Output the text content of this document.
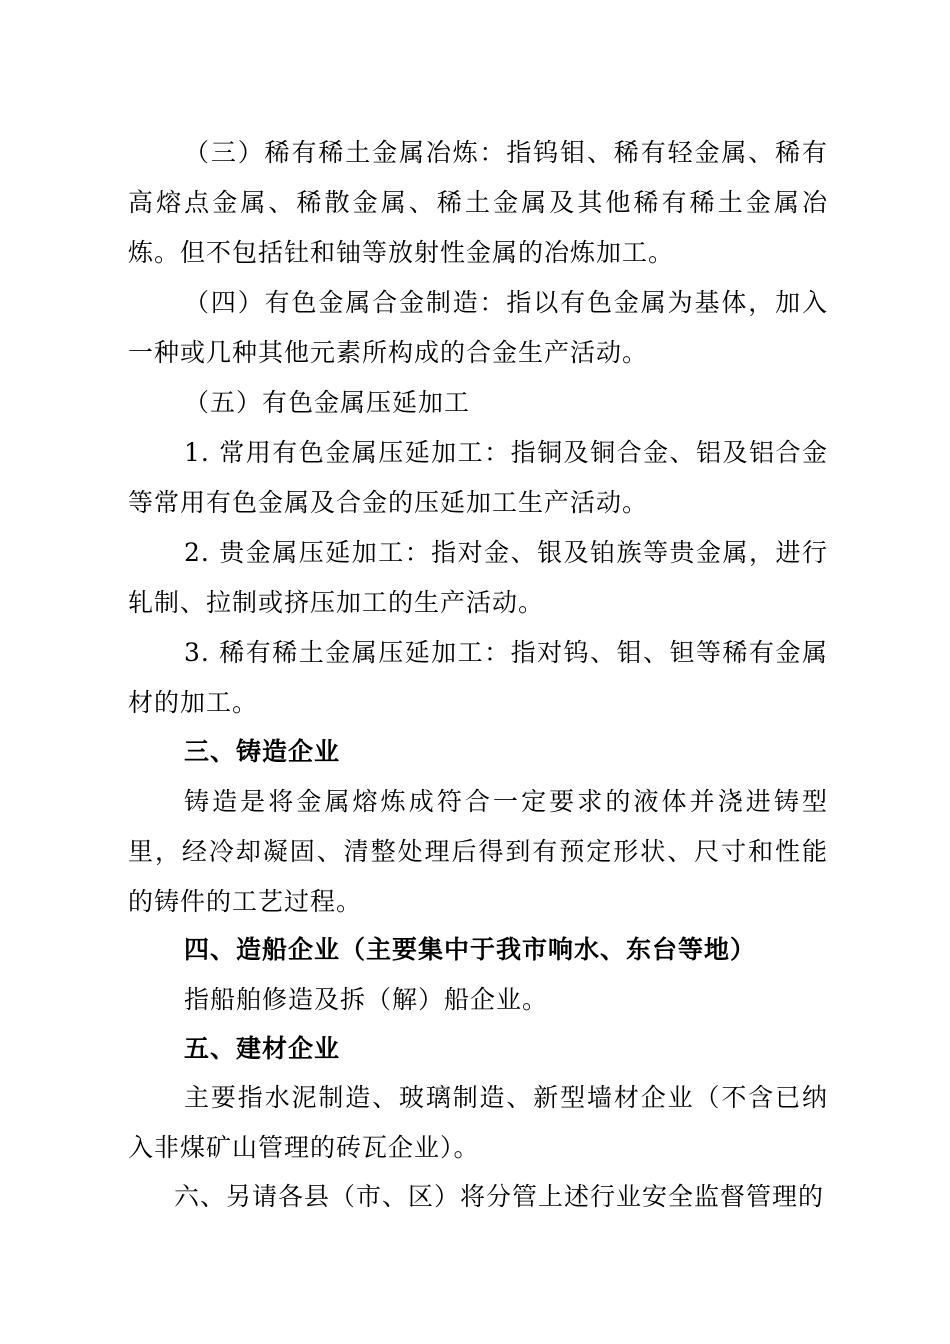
（三）稀有稀土金属冶炼：指钨钼、稀有轻金属、稀有高熔点金属、稀散金属、稀土金属及其他稀有稀土金属冶炼。但不包括钍和铀等放射性金属的冶炼加工。

（四）有色金属合金制造：指以有色金属为基体，加入一种或几种其他元素所构成的合金生产活动。

（五）有色金属压延加工

1. 常用有色金属压延加工：指铜及铜合金、铝及铝合金等常用有色金属及合金的压延加工生产活动。

2. 贵金属压延加工：指对金、银及铂族等贵金属，进行轧制、拉制或挤压加工的生产活动。

3. 稀有稀土金属压延加工：指对钨、钼、钽等稀有金属材的加工。

三、铸造企业

铸造是将金属熔炼成符合一定要求的液体并浇进铸型里，经冷却凝固、清整处理后得到有预定形状、尺寸和性能的铸件的工艺过程。

四、造船企业（主要集中于我市响水、东台等地）

指船舶修造及拆（解）船企业。

五、建材企业

主要指水泥制造、玻璃制造、新型墙材企业（不含已纳入非煤矿山管理的砖瓦企业）。

六、另请各县（市、区）将分管上述行业安全监督管理的
